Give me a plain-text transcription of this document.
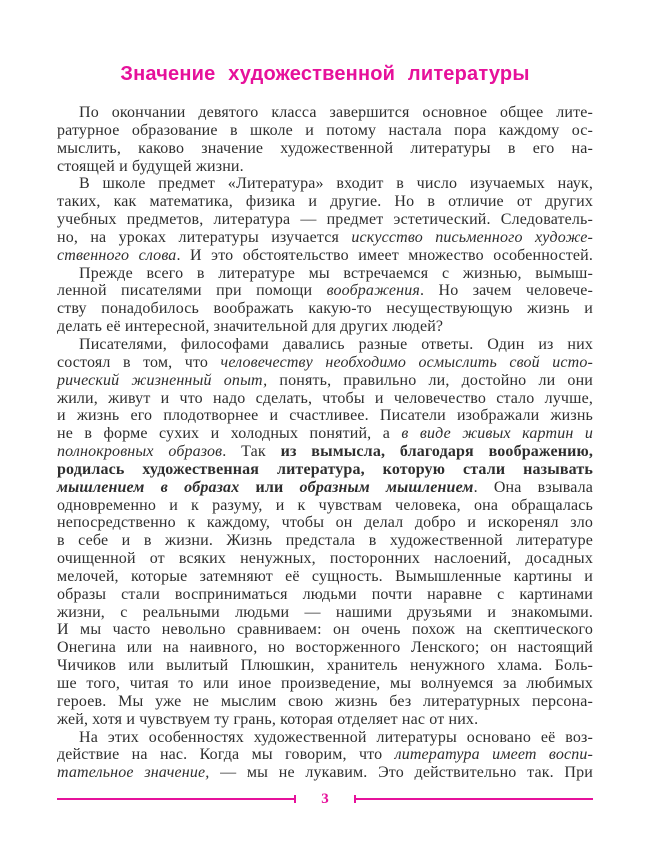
Значение художественной литературы
По окончании девятого класса завершится основное общее лите-
ратурное образование в школе и потому настала пора каждому ос-
мыслить, каково значение художественной литературы в его на-
стоящей и будущей жизни.
В школе предмет «Литература» входит в число изучаемых наук,
таких, как математика, физика и другие. Но в отличие от других
учебных предметов, литература — предмет эстетический. Следователь-
но, на уроках литературы изучается искусство письменного художе-
ственного слова. И это обстоятельство имеет множество особенностей.
Прежде всего в литературе мы встречаемся с жизнью, вымыш-
ленной писателями при помощи воображения. Но зачем человече-
ству понадобилось воображать какую-то несуществующую жизнь и
делать её интересной, значительной для других людей?
Писателями, философами давались разные ответы. Один из них
состоял в том, что человечеству необходимо осмыслить свой исто-
рический жизненный опыт, понять, правильно ли, достойно ли они
жили, живут и что надо сделать, чтобы и человечество стало лучше,
и жизнь его плодотворнее и счастливее. Писатели изображали жизнь
не в форме сухих и холодных понятий, а в виде живых картин и
полнокровных образов. Так из вымысла, благодаря воображению,
родилась художественная литература, которую стали называть
мышлением в образах или образным мышлением. Она взывала
одновременно и к разуму, и к чувствам человека, она обращалась
непосредственно к каждому, чтобы он делал добро и искоренял зло
в себе и в жизни. Жизнь предстала в художественной литературе
очищенной от всяких ненужных, посторонних наслоений, досадных
мелочей, которые затемняют её сущность. Вымышленные картины и
образы стали восприниматься людьми почти наравне с картинами
жизни, с реальными людьми — нашими друзьями и знакомыми.
И мы часто невольно сравниваем: он очень похож на скептического
Онегина или на наивного, но восторженного Ленского; он настоящий
Чичиков или вылитый Плюшкин, хранитель ненужного хлама. Боль-
ше того, читая то или иное произведение, мы волнуемся за любимых
героев. Мы уже не мыслим свою жизнь без литературных персона-
жей, хотя и чувствуем ту грань, которая отделяет нас от них.
На этих особенностях художественной литературы основано её воз-
действие на нас. Когда мы говорим, что литература имеет воспи-
тательное значение, — мы не лукавим. Это действительно так. При
3
